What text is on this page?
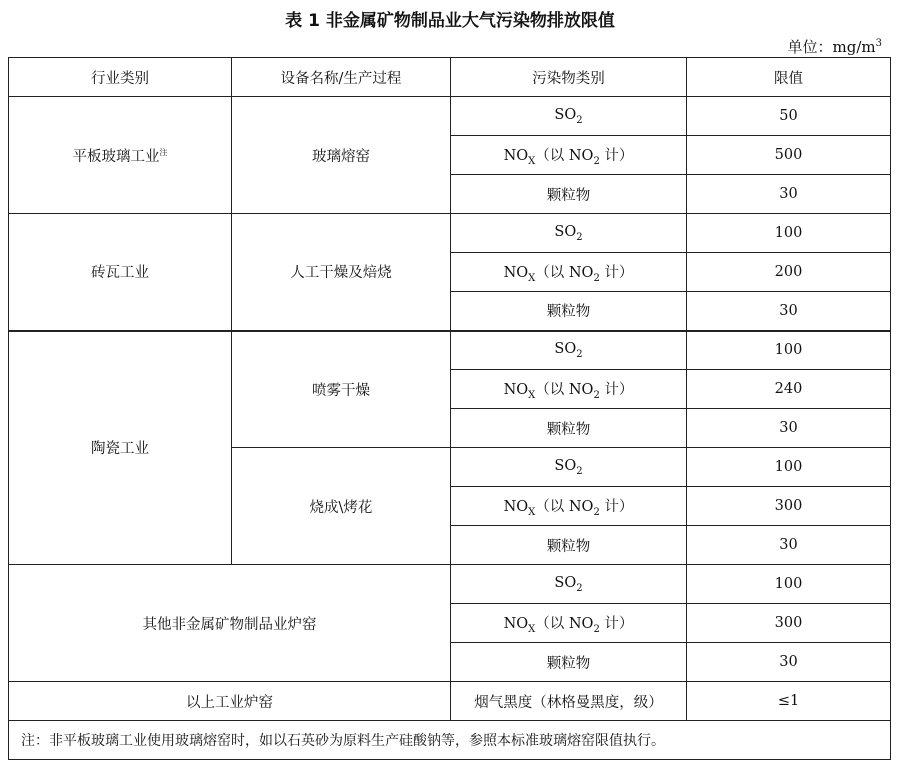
表 1 非金属矿物制品业大气污染物排放限值
单位：$mg/m^3$
行业类别	设备名称/生产过程	污染物类别	限值
平板玻璃工业$^注$	玻璃熔窑	$SO_2$	50
		$NO_X$（以 $NO_2$ 计）	500
		颗粒物	30
砖瓦工业	人工干燥及焙烧	$SO_2$	100
		$NO_X$（以 $NO_2$ 计）	200
		颗粒物	30
陶瓷工业	喷雾干燥	$SO_2$	100
		$NO_X$（以 $NO_2$ 计）	240
		颗粒物	30
	烧成\烤花	$SO_2$	100
		$NO_X$（以 $NO_2$ 计）	300
		颗粒物	30
其他非金属矿物制品业炉窑		$SO_2$	100
		$NO_X$（以 $NO_2$ 计）	300
		颗粒物	30
以上工业炉窑		烟气黑度（林格曼黑度，级）	≤1
注：非平板玻璃工业使用玻璃熔窑时，如以石英砂为原料生产硅酸钠等，参照本标准玻璃熔窑限值执行。			
